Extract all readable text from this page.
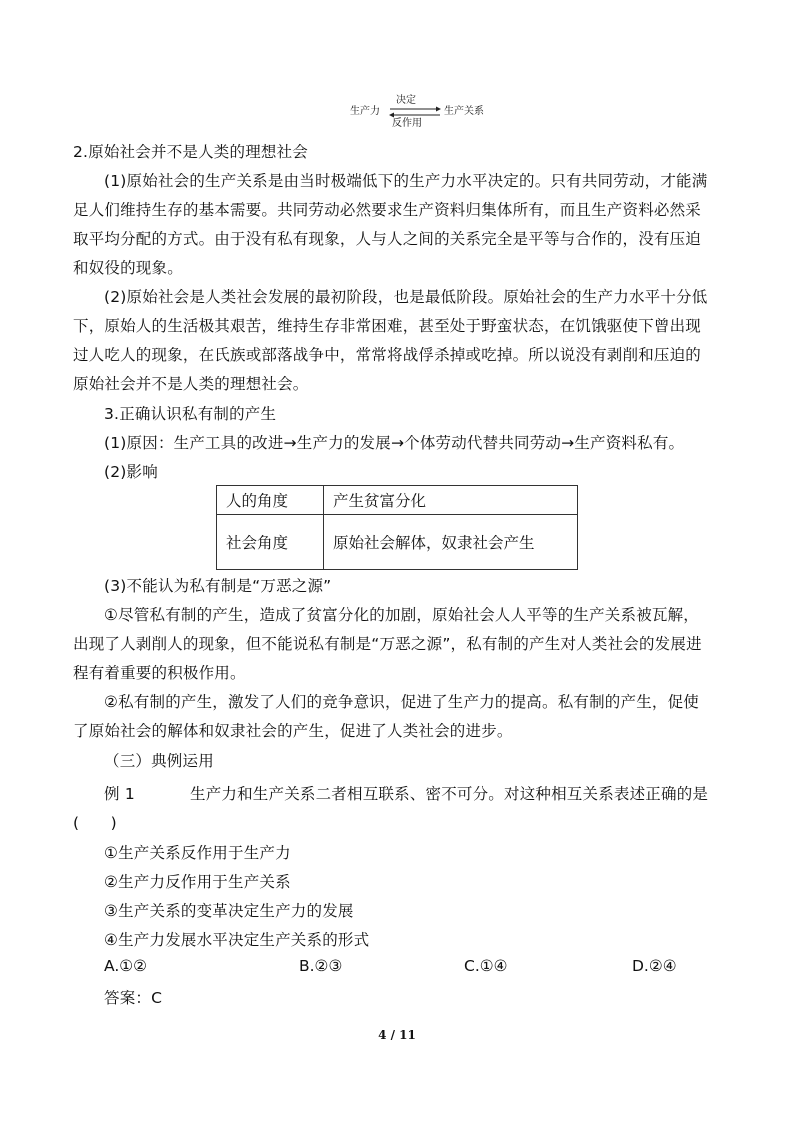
生产力
决定
反作用
生产关系
2.原始社会并不是人类的理想社会
(1)原始社会的生产关系是由当时极端低下的生产力水平决定的。只有共同劳动，才能满
足人们维持生存的基本需要。共同劳动必然要求生产资料归集体所有，而且生产资料必然采
取平均分配的方式。由于没有私有现象，人与人之间的关系完全是平等与合作的，没有压迫
和奴役的现象。
(2)原始社会是人类社会发展的最初阶段，也是最低阶段。原始社会的生产力水平十分低
下，原始人的生活极其艰苦，维持生存非常困难，甚至处于野蛮状态，在饥饿驱使下曾出现
过人吃人的现象，在氏族或部落战争中，常常将战俘杀掉或吃掉。所以说没有剥削和压迫的
原始社会并不是人类的理想社会。
3.正确认识私有制的产生
(1)原因：生产工具的改进→生产力的发展→个体劳动代替共同劳动→生产资料私有。
(2)影响
人的角度	产生贫富分化
社会角度	原始社会解体，奴隶社会产生
(3)不能认为私有制是“万恶之源”
①尽管私有制的产生，造成了贫富分化的加剧，原始社会人人平等的生产关系被瓦解，
出现了人剥削人的现象，但不能说私有制是“万恶之源”，私有制的产生对人类社会的发展进
程有着重要的积极作用。
②私有制的产生，激发了人们的竞争意识，促进了生产力的提高。私有制的产生，促使
了原始社会的解体和奴隶社会的产生，促进了人类社会的进步。
（三）典例运用
例 1	生产力和生产关系二者相互联系、密不可分。对这种相互关系表述正确的是
(　　)
①生产关系反作用于生产力
②生产力反作用于生产关系
③生产关系的变革决定生产力的发展
④生产力发展水平决定生产关系的形式
A.①②	B.②③	C.①④	D.②④
答案：C
4 / 11
